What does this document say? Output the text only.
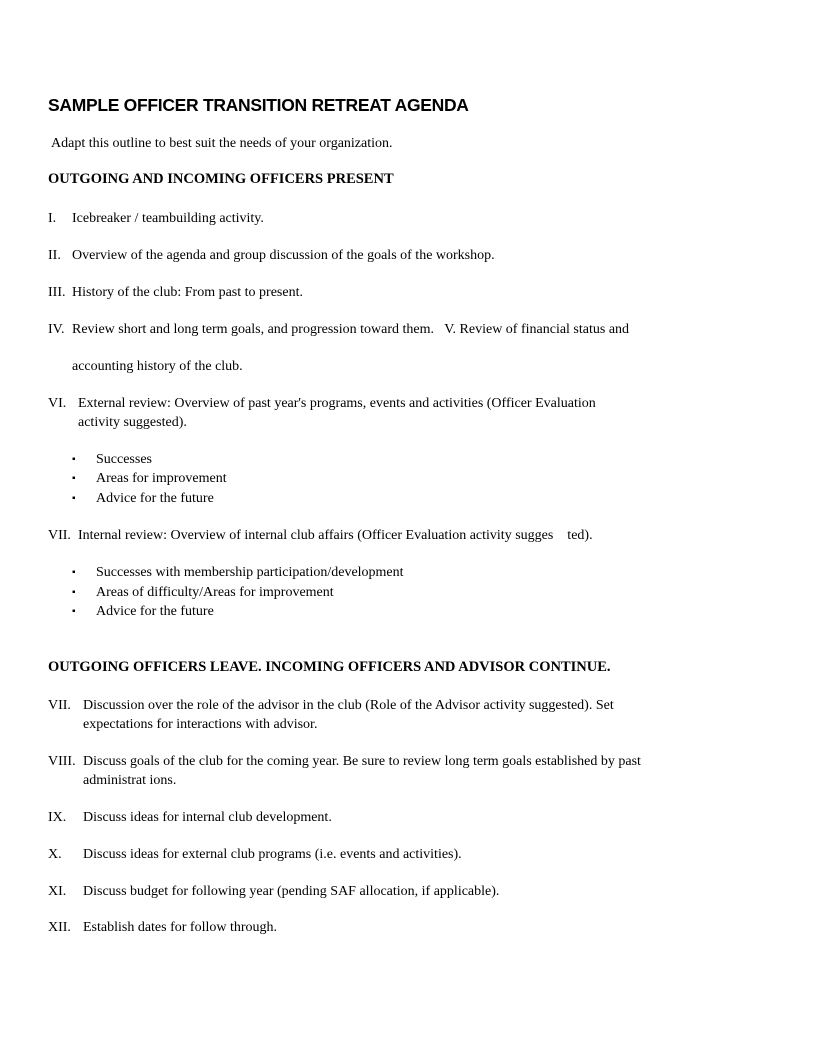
SAMPLE OFFICER TRANSITION RETREAT AGENDA
Adapt this outline to best suit the needs of your organization.
OUTGOING AND INCOMING OFFICERS PRESENT
I. Icebreaker / teambuilding activity.
II. Overview of the agenda and group discussion of the goals of the workshop.
III. History of the club: From past to present.
IV. Review short and long term goals, and progression toward them.   V. Review of financial status and
accounting history of the club.
VI. External review: Overview of past year's programs, events and activities (Officer Evaluation
activity suggested).
▪ Successes
▪ Areas for improvement
▪ Advice for the future
VII. Internal review: Overview of internal club affairs (Officer Evaluation activity sugges    ted).
▪ Successes with membership participation/development
▪ Areas of difficulty/Areas for improvement
▪ Advice for the future
OUTGOING OFFICERS LEAVE. INCOMING OFFICERS AND ADVISOR CONTINUE.
VII. Discussion over the role of the advisor in the club (Role of the Advisor activity suggested). Set
expectations for interactions with advisor.
VIII. Discuss goals of the club for the coming year. Be sure to review long term goals established by past
administrat ions.
IX. Discuss ideas for internal club development.
X. Discuss ideas for external club programs (i.e. events and activities).
XI. Discuss budget for following year (pending SAF allocation, if applicable).
XII. Establish dates for follow through.
